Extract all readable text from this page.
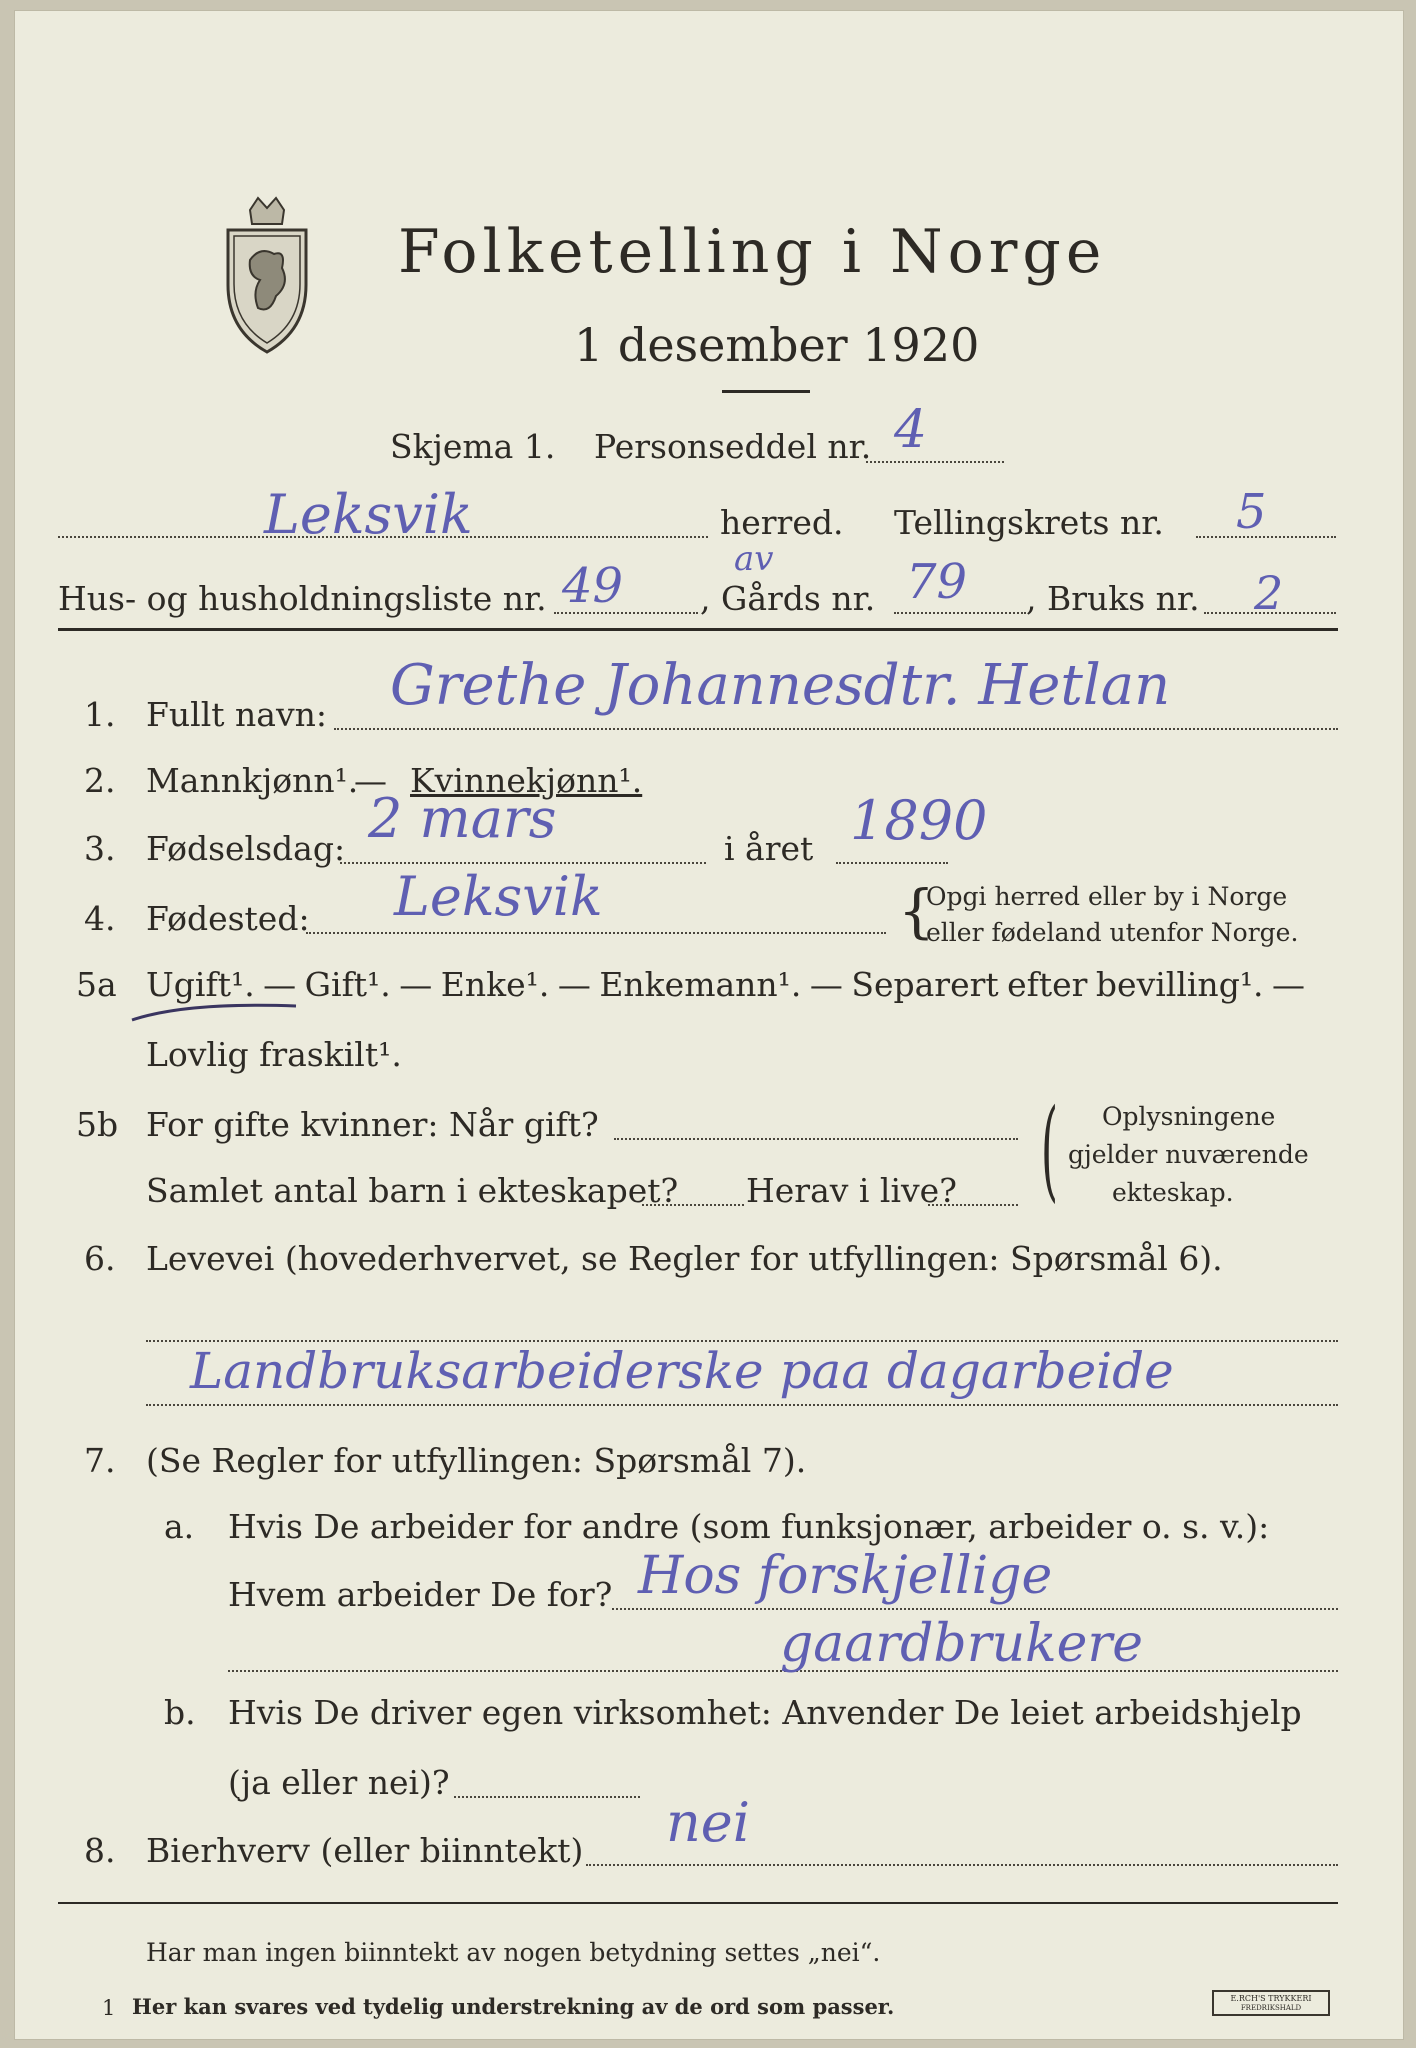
Folketelling i Norge
1 desember 1920
Skjema 1. Personseddel nr. 4
Leksvik	herred. Tellingskrets nr. 5
Hus- og husholdningsliste nr. 49 , Gårds nr.
av	79 , Bruks nr. 2
1. Fullt navn: Grethe Johannesdtr. Hetlan
2. Mannkjønn¹.
— Kvinnekjønn¹.
3. Fødselsdag: 2 mars	i året 1890
4. Fødested: Leksvik	{
Opgi herred eller by i Norge
eller fødeland utenfor Norge.
5a Ugift¹. — Gift¹. — Enke¹. — Enkemann¹. — Separert efter bevilling¹. —
Lovlig fraskilt¹.
5b For gifte kvinner: Når gift?
Samlet antal barn i ekteskapet? Herav i live? ( Oplysningene
gjelder nuværende
ekteskap.
6. Levevei (hovederhvervet, se Regler for utfyllingen: Spørsmål 6).
Landbruksarbeiderske paa dagarbeide
7. (Se Regler for utfyllingen: Spørsmål 7).
a. Hvis De arbeider for andre (som funksjonær, arbeider o. s. v.):
Hvem arbeider De for? Hos forskjellige
gaardbrukere
b. Hvis De driver egen virksomhet: Anvender De leiet arbeidshjelp
(ja eller nei)?
8. Bierhverv (eller biinntekt) nei
Har man ingen biinntekt av nogen betydning settes „nei“.
1 Her kan svares ved tydelig understrekning av de ord som passer.	E.RCH'S TRYKKERI
FREDRIKSHALD
